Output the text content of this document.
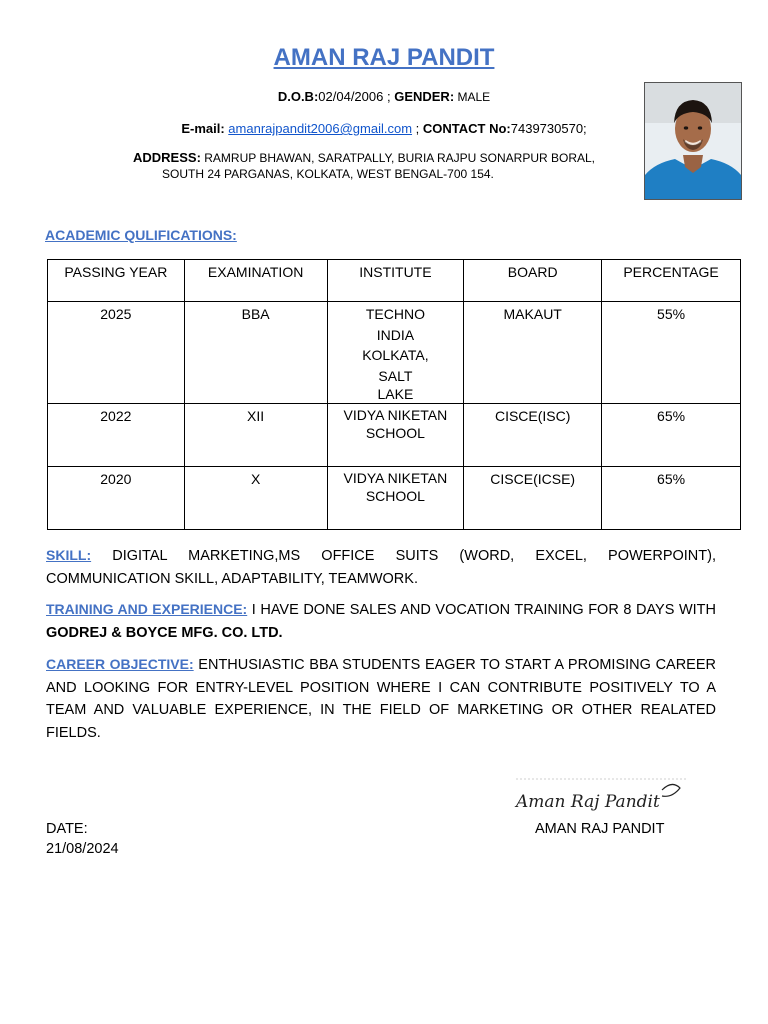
AMAN RAJ PANDIT
D.O.B:02/04/2006 ; GENDER: MALE
E-mail: amanrajpandit2006@gmail.com ; CONTACT No:7439730570;
ADDRESS: RAMRUP BHAWAN, SARATPALLY, BURIA RAJPU SONARPUR BORAL,
SOUTH 24 PARGANAS, KOLKATA, WEST BENGAL-700 154.
ACADEMIC QULIFICATIONS:
PASSING YEAR	EXAMINATION	INSTITUTE	BOARD	PERCENTAGE
2025	BBA	TECHNO
INDIA
KOLKATA,
SALT
LAKE	MAKAUT	55%
2022	XII	VIDYA NIKETAN
SCHOOL	CISCE(ISC)	65%
2020	X	VIDYA NIKETAN
SCHOOL	CISCE(ICSE)	65%
SKILL: DIGITAL MARKETING,MS OFFICE SUITS (WORD, EXCEL, POWERPOINT), COMMUNICATION SKILL, ADAPTABILITY, TEAMWORK.
TRAINING AND EXPERIENCE: I HAVE DONE SALES AND VOCATION TRAINING FOR 8 DAYS WITH GODREJ & BOYCE MFG. CO. LTD.
CAREER OBJECTIVE: ENTHUSIASTIC BBA STUDENTS EAGER TO START A PROMISING CAREER AND LOOKING FOR ENTRY-LEVEL POSITION WHERE I CAN CONTRIBUTE POSITIVELY TO A TEAM AND VALUABLE EXPERIENCE, IN THE FIELD OF MARKETING OR OTHER REALATED FIELDS.
Aman Raj Pandit
DATE:
21/08/2024
AMAN RAJ PANDIT
